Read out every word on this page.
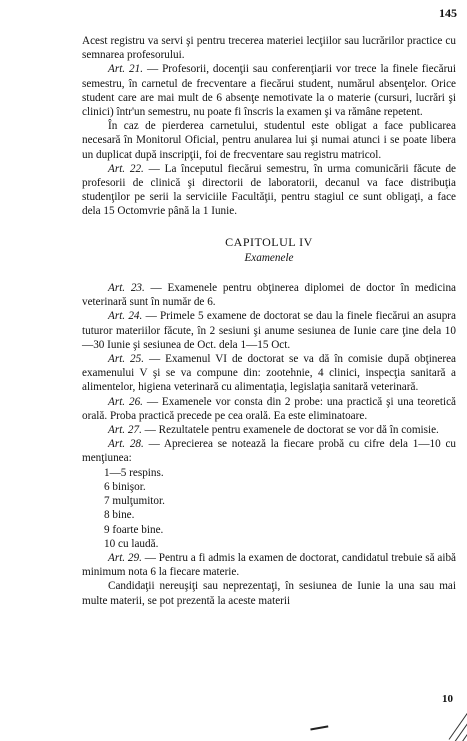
145

Acest registru va servi şi pentru trecerea materiei lecţiilor sau lucrărilor practice cu semnarea profesorului.

Art. 21. — Profesorii, docenţii sau conferenţiarii vor trece la finele fiecărui semestru, în carnetul de frecventare a fiecărui student, numărul absenţelor. Orice student care are mai mult de 6 absenţe nemotivate la o materie (cursuri, lucrări şi clinici) într'un semestru, nu poate fi înscris la examen şi va rămâne repetent.

În caz de pierderea carnetului, studentul este obligat a face publicarea necesară în Monitorul Oficial, pentru anularea lui şi numai atunci i se poate libera un duplicat după inscripţii, foi de frecventare sau registru matricol.

Art. 22. — La începutul fiecărui semestru, în urma comunicării făcute de profesorii de clinică şi directorii de laboratorii, decanul va face distribuţia studenţilor pe serii la serviciile Facultăţii, pentru stagiul ce sunt obligaţi, a face dela 15 Octomvrie până la 1 Iunie.

CAPITOLUL IV

Examenele

Art. 23. — Examenele pentru obţinerea diplomei de doctor în medicina veterinară sunt în număr de 6.

Art. 24. — Primele 5 examene de doctorat se dau la finele fiecărui an asupra tuturor materiilor făcute, în 2 sesiuni şi anume sesiunea de Iunie care ţine dela 10—30 Iunie şi sesiunea de Oct. dela 1—15 Oct.

Art. 25. — Examenul VI de doctorat se va dă în comisie după obţinerea examenului V şi se va compune din: zootehnie, 4 clinici, inspecţia sanitară a alimentelor, higiena veterinară cu alimentaţia, legislaţia sanitară veterinară.

Art. 26. — Examenele vor consta din 2 probe: una practică şi una teoretică orală. Proba practică precede pe cea orală. Ea este eliminatoare.

Art. 27. — Rezultatele pentru examenele de doctorat se vor dă în comisie.

Art. 28. — Aprecierea se notează la fiecare probă cu cifre dela 1—10 cu menţiunea:

1—5 respins.
6 binişor.
7 mulţumitor.
8 bine.
9 foarte bine.
10 cu laudă.

Art. 29. — Pentru a fi admis la examen de doctorat, candidatul trebuie să aibă minimum nota 6 la fiecare materie.

Candidaţii nereuşiţi sau neprezentaţi, în sesiunea de Iunie la una sau mai multe materii, se pot prezentă la aceste materii

10
